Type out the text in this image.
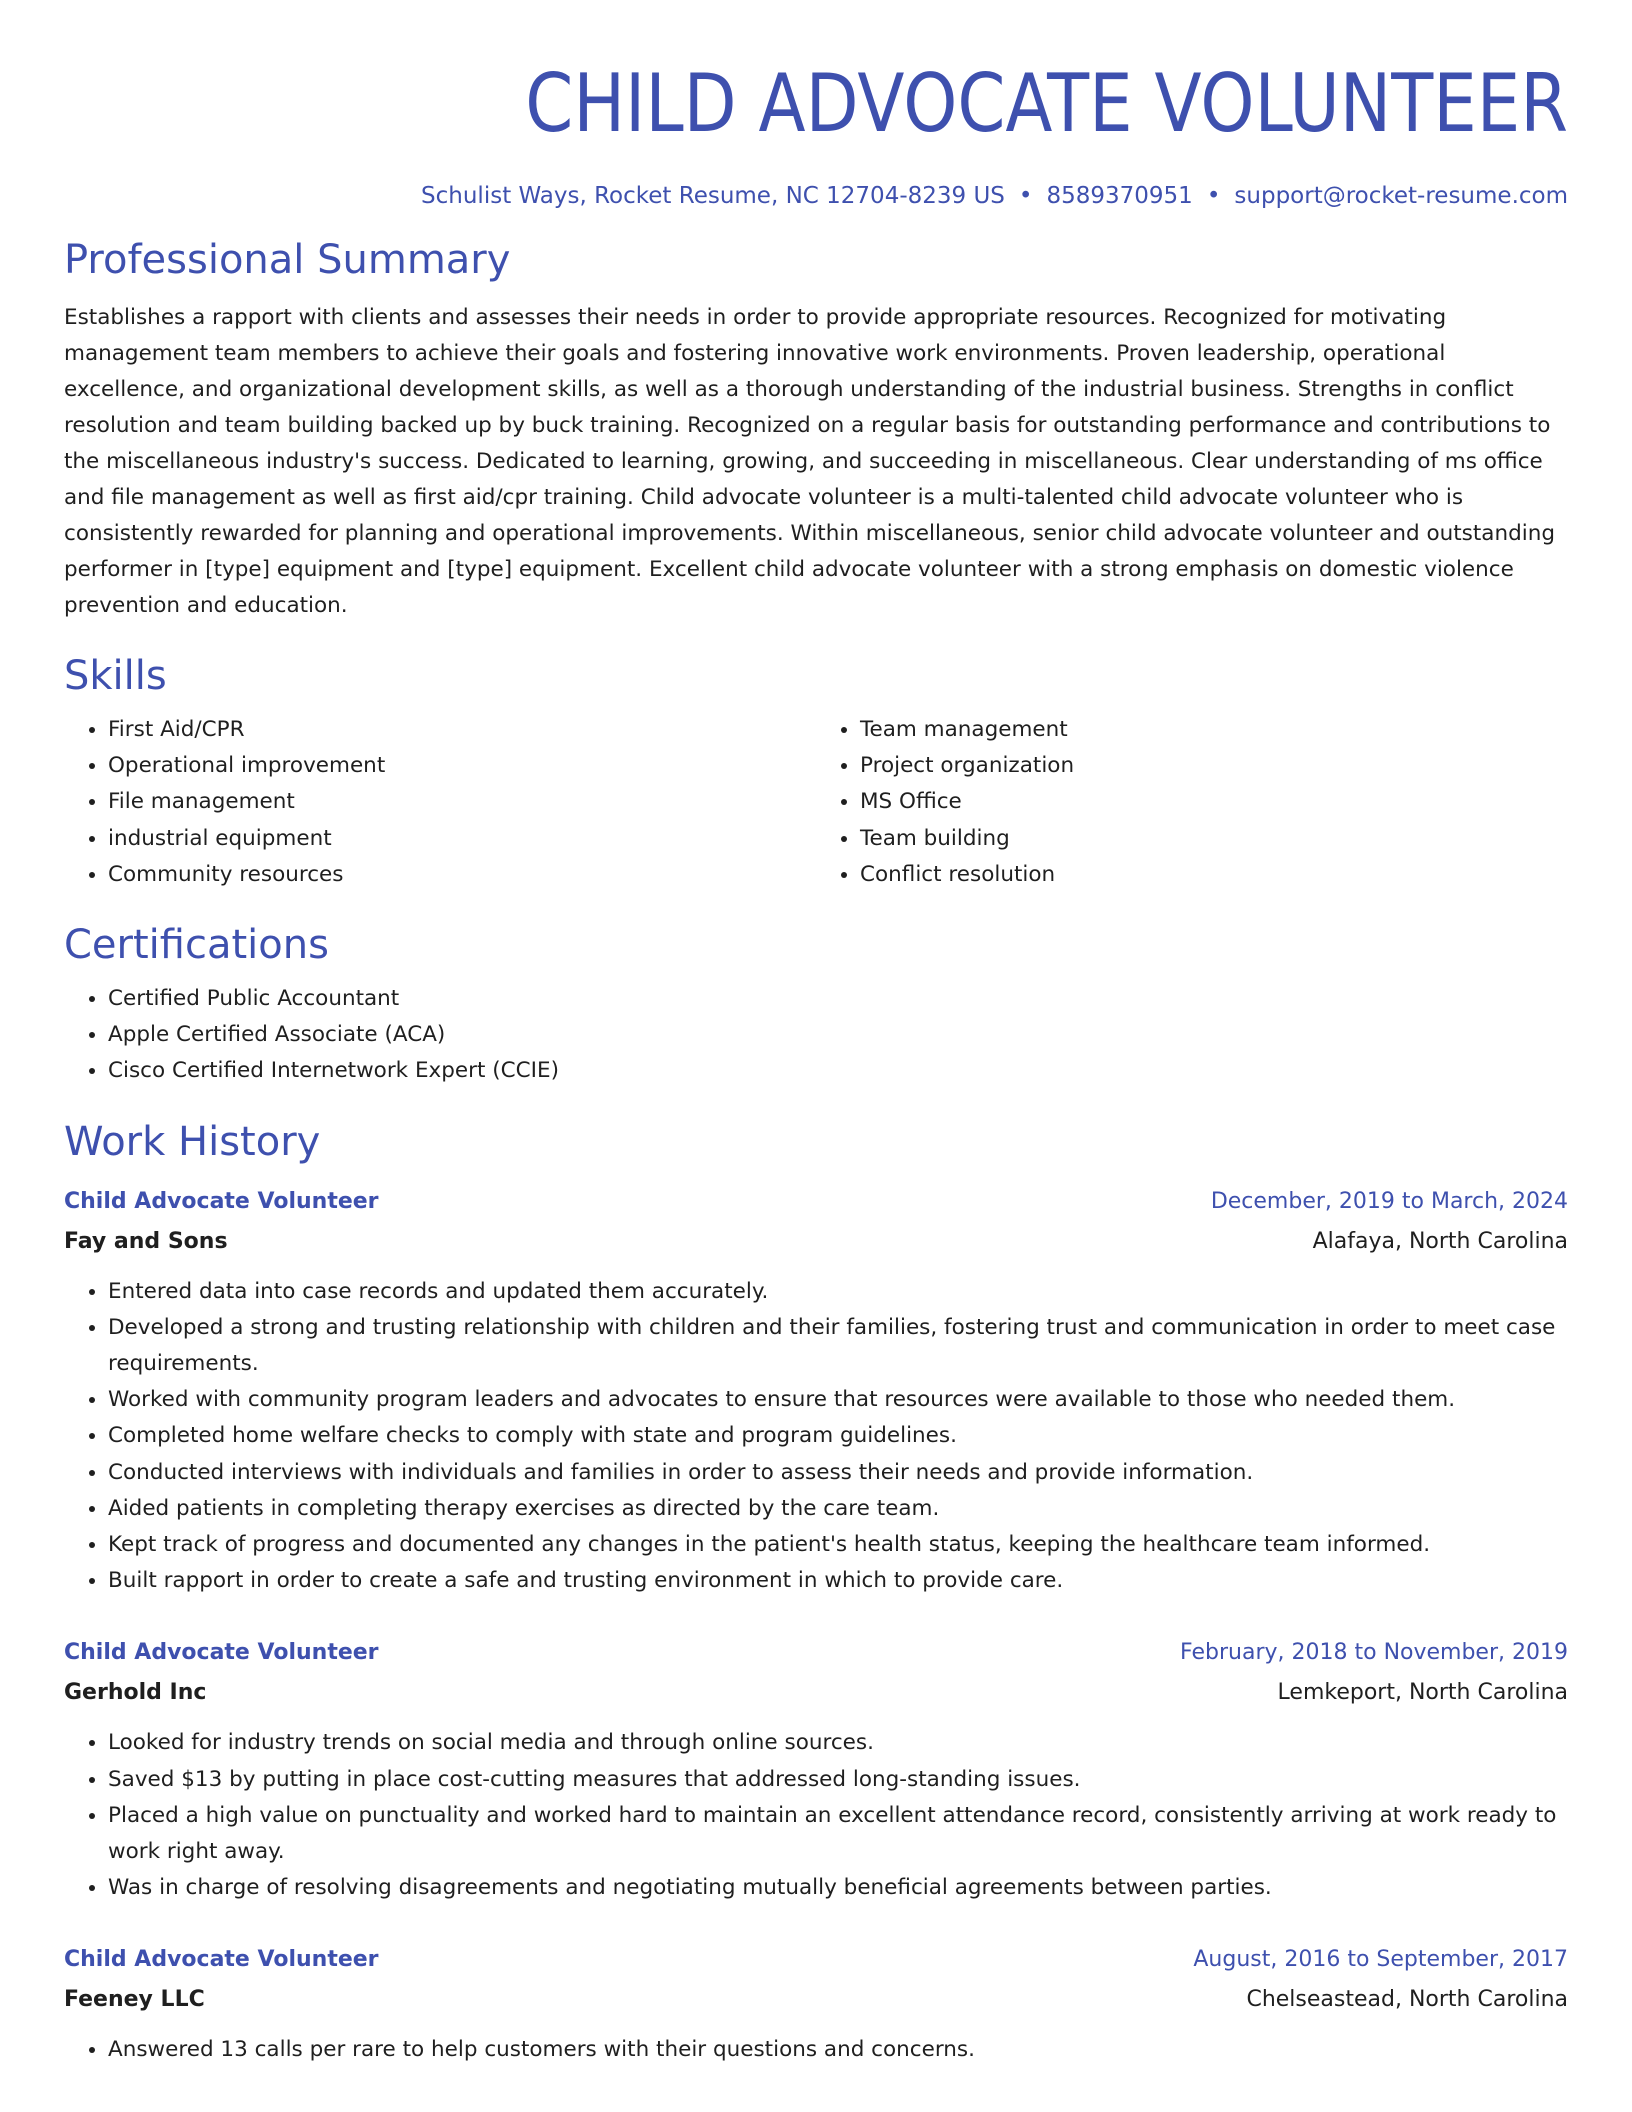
CHILD ADVOCATE VOLUNTEER
Schulist Ways, Rocket Resume, NC 12704-8239 US • 8589370951 • support@rocket-resume.com
Professional Summary
Establishes a rapport with clients and assesses their needs in order to provide appropriate resources. Recognized for motivating management team members to achieve their goals and fostering innovative work environments. Proven leadership, operational excellence, and organizational development skills, as well as a thorough understanding of the industrial business. Strengths in conflict resolution and team building backed up by buck training. Recognized on a regular basis for outstanding performance and contributions to the miscellaneous industry's success. Dedicated to learning, growing, and succeeding in miscellaneous. Clear understanding of ms office and file management as well as first aid/cpr training. Child advocate volunteer is a multi-talented child advocate volunteer who is consistently rewarded for planning and operational improvements. Within miscellaneous, senior child advocate volunteer and outstanding performer in [type] equipment and [type] equipment. Excellent child advocate volunteer with a strong emphasis on domestic violence prevention and education.
Skills
• First Aid/CPR
• Operational improvement
• File management
• industrial equipment
• Community resources
• Team management
• Project organization
• MS Office
• Team building
• Conflict resolution
Certifications
• Certified Public Accountant
• Apple Certified Associate (ACA)
• Cisco Certified Internetwork Expert (CCIE)
Work History
Child Advocate Volunteer	December, 2019 to March, 2024
Fay and Sons	Alafaya, North Carolina
• Entered data into case records and updated them accurately.
• Developed a strong and trusting relationship with children and their families, fostering trust and communication in order to meet case requirements.
• Worked with community program leaders and advocates to ensure that resources were available to those who needed them.
• Completed home welfare checks to comply with state and program guidelines.
• Conducted interviews with individuals and families in order to assess their needs and provide information.
• Aided patients in completing therapy exercises as directed by the care team.
• Kept track of progress and documented any changes in the patient's health status, keeping the healthcare team informed.
• Built rapport in order to create a safe and trusting environment in which to provide care.
Child Advocate Volunteer	February, 2018 to November, 2019
Gerhold Inc	Lemkeport, North Carolina
• Looked for industry trends on social media and through online sources.
• Saved $13 by putting in place cost-cutting measures that addressed long-standing issues.
• Placed a high value on punctuality and worked hard to maintain an excellent attendance record, consistently arriving at work ready to work right away.
• Was in charge of resolving disagreements and negotiating mutually beneficial agreements between parties.
Child Advocate Volunteer	August, 2016 to September, 2017
Feeney LLC	Chelseastead, North Carolina
• Answered 13 calls per rare to help customers with their questions and concerns.
